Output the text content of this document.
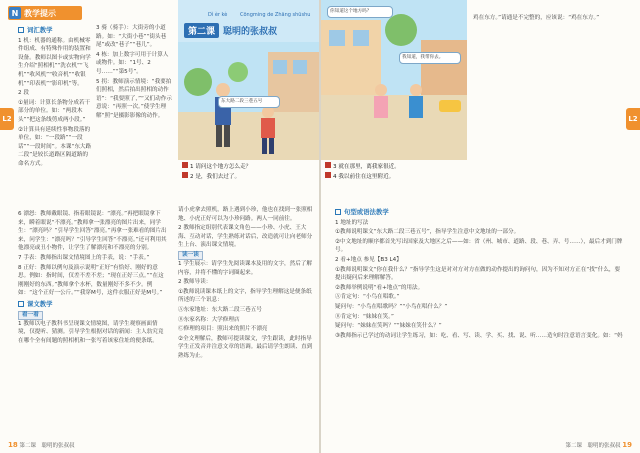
N 教学提示
L2
词汇教学

1 机：机器的通称。由机械零件组成、有特殊作用的装置和设备。教师以图卡或实物向学生介绍“照相机”“洗衣机”“飞机”“收风机”“收音机”“收银机”“印表机”“影印机”等。

2 段

①量词：计算长条物分成若干部分的单位。如：“两段木头”“把这条线剪成两小段。”

②计算具有延续性事物段落的单位，如：“一段路”“一段话”“一段时间”。本课“东大路二段”是较长道路区隔道路的命名方式。

3 骑（骑手）：大街旁的小道路。如：“大街小巷”“街头巷尾”或改“巷子”“巷儿”。

4 栋：加上数字可用于计算人或物件。如：“1号、2号……”“第5号”。

5 拐：教师演示情境：“我要拍们照相，然后拍出照相的动作语”：“我要照了，”“又们动作示意说：“再照一次。”使学生理解“照”是摄影影像的动作。

6 漂怒：教师戴眼镜、指着眼镜说：“漂亮。”再把眼镜拿下来，瞬着眼说“不漂亮。”教师拿一张漂亮的图片出来，同学生：“漂亮吗？”引导学生回答“漂亮。”再拿一张难看的图片出来，问学生：“漂亮吗？”引导学生回答“不漂亮。”还可利用其他漂亮或丑小物件，让学生了解漂亮和不漂亮的分别。

7 手表：教师指出课文情境图上的手表，说：“手表。”

8 正好：教师以例句及演示说明“正好”有恰好、刚好的意思。例如：指时间，仅差不差不差；“现在正好三点。”“在这刚刚好的东西。”教师拿个水杯，数量刚好不多不少。例如：“这个正好一公斤。”“我穿M号，这件衣服正好是M号。”

课文教学
看一看

1 教师以电子教科书呈现课文情境图，请学生观察画面情境，仅提听、猜测。引导学生根据对话的新闻：主人翁究竟在哪个全有间题的照相机和一张写着该家住址的便条纸。

Dì èr kè	Cōngming de Zhāng shūshu
第二课 聪明的张叔叔
东大路二段三巷五号
1 请问这个地方怎么走？
2 是，我们去过了。

请小虎拿去照机，路上遇到小珍，他也在找到一张照相地、小虎正好可以为小珍问路。两人一同前往。

2 教师指定组别代表课文角色——小珍、小虎、王大海、互动对话，学生熟练对话后，改造就可让向老师分生上台、演出课文情境。

读一读

1 学生展示：请学生先阅读课本及用的文字，然后了解内容，并将不懂的字词圈起来。

2 教师导读：

①教师说读课本纸上的文字，指导学生理解这是便条纸所述的三个讯息：

Ⓐ东家地址：东大路二段三巷五号

Ⓑ东家名称：大学修理店

Ⓒ修理的项目：照出来的照片不漂亮

②全文理解后，教师可提读课文，学生跟读，此时指导学生正发音并注意文章的语调。最后请学生朗读、直到熟练为止。

18 第二课　聪明的张叔叔
L2
你知道这个地方吗？
我知道，我带你去。
3 就在那里，离我家很近。
4 我以前住在这里附近。

鸡在东方。”请通是不完整的，应该说：“鸡在东方。”

句型或语法教学

1 地址的写法

①教师说明课文“东大路二段三巷五号”，指导学生注意中文地址的一部分。

②中文地址的顺序都首先写出国家及大地区之后——如：省（州、城市、道路、段、巷、弄、号……），最后才到门牌号。

2 看+地点 参见【B3 L4】

①教师说明课文“你在我什么？”指导学生这是对对方对方在做的动作提出的询问句，因为不知对方正在“找”什么，要提出疑问后来理解解答。

②教师举例说明“看+地点”的用法。

Ⓐ肯定句：“小鸟在唱歌。”

疑问句：“小鸟在唱歌吗？”“小鸟在唱什么？”

Ⓑ肯定句：“妹妹在笑。”

疑问句：“妹妹在笑吗？”“妹妹在笑什么？”

③教师指示已学过的动词让学生练习，如：吃、看、写、读、学、买、找、说、听……造句时注意语言变化。如：“妈

第二课　聪明的张叔叔 19
